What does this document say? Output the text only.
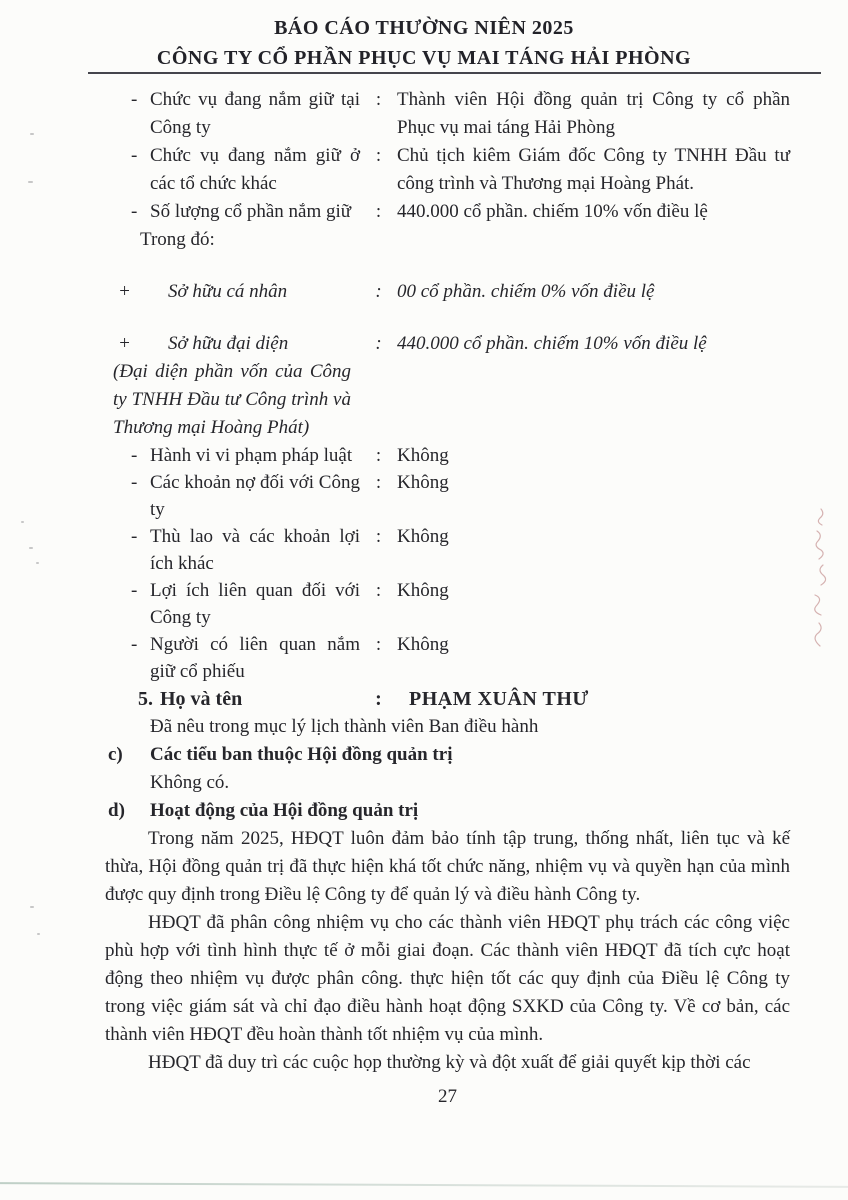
BÁO CÁO THƯỜNG NIÊN 2025
CÔNG TY CỔ PHẦN PHỤC VỤ MAI TÁNG HẢI PHÒNG
- Chức vụ đang nắm giữ tại Công ty
: Thành viên Hội đồng quản trị Công ty cổ phần Phục vụ mai táng Hải Phòng
- Chức vụ đang nắm giữ ở các tổ chức khác
: Chủ tịch kiêm Giám đốc Công ty TNHH Đầu tư công trình và Thương mại Hoàng Phát.
- Số lượng cổ phần nắm giữ	: 440.000 cổ phần. chiếm 10% vốn điều lệ
Trong đó:
+	Sở hữu cá nhân	: 00 cổ phần. chiếm 0% vốn điều lệ
+	Sở hữu đại diện	: 440.000 cổ phần. chiếm 10% vốn điều lệ
(Đại diện phần vốn của Công ty TNHH Đầu tư Công trình và Thương mại Hoàng Phát)
- Hành vi vi phạm pháp luật	: Không
- Các khoản nợ đối với Công ty
: Không
- Thù lao và các khoản lợi ích khác
: Không
- Lợi ích liên quan đối với Công ty
: Không
- Người có liên quan nắm giữ cổ phiếu
: Không
5. Họ và tên	:	PHẠM XUÂN THƯ
Đã nêu trong mục lý lịch thành viên Ban điều hành
c)	Các tiểu ban thuộc Hội đồng quản trị
Không có.
d)	Hoạt động của Hội đồng quản trị
Trong năm 2025, HĐQT luôn đảm bảo tính tập trung, thống nhất, liên tục và kế thừa, Hội đồng quản trị đã thực hiện khá tốt chức năng, nhiệm vụ và quyền hạn của mình được quy định trong Điều lệ Công ty để quản lý và điều hành Công ty.
HĐQT đã phân công nhiệm vụ cho các thành viên HĐQT phụ trách các công việc phù hợp với tình hình thực tế ở mỗi giai đoạn. Các thành viên HĐQT đã tích cực hoạt động theo nhiệm vụ được phân công. thực hiện tốt các quy định của Điều lệ Công ty trong việc giám sát và chỉ đạo điều hành hoạt động SXKD của Công ty. Về cơ bản, các thành viên HĐQT đều hoàn thành tốt nhiệm vụ của mình.
HĐQT đã duy trì các cuộc họp thường kỳ và đột xuất để giải quyết kịp thời các
27
